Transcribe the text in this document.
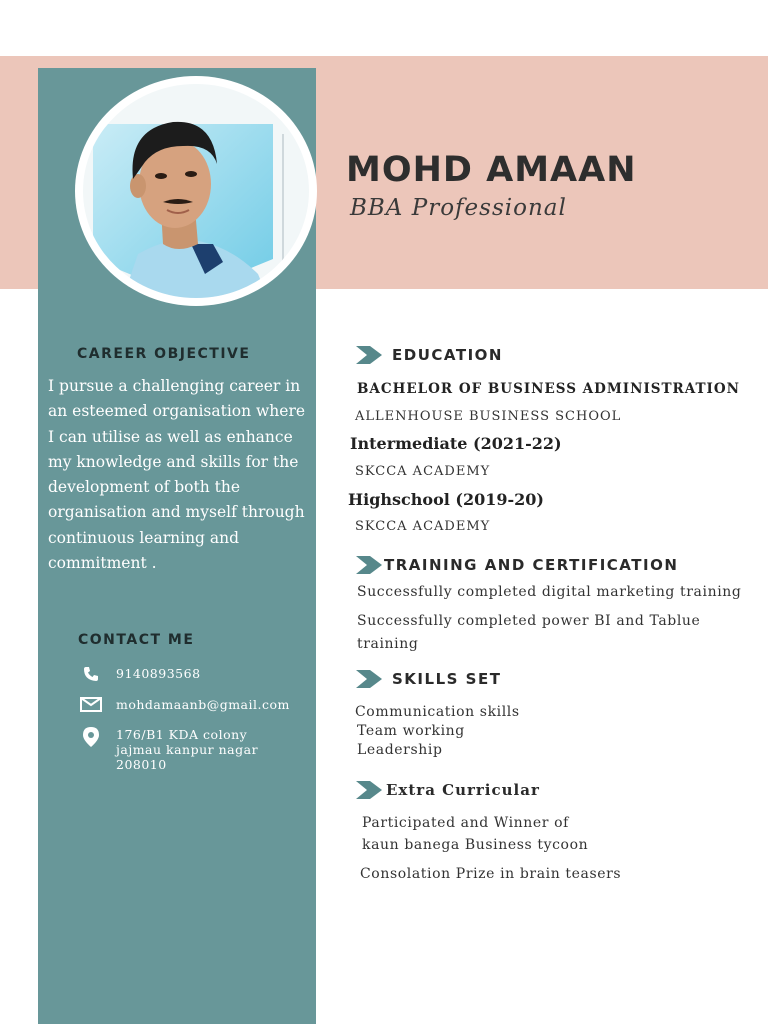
MOHD AMAAN

BBA Professional

CAREER OBJECTIVE

I pursue a challenging career in an esteemed organisation where I can utilise as well as enhance my knowledge and skills for the development of both the organisation and myself through continuous learning and commitment .

CONTACT ME
9140893568
mohdamaanb@gmail.com
176/B1 KDA colony
jajmau kanpur nagar
208010
EDUCATION

BACHELOR OF BUSINESS ADMINISTRATION

ALLENHOUSE BUSINESS SCHOOL

Intermediate (2021-22)

SKCCA ACADEMY

Highschool (2019-20)

SKCCA ACADEMY

TRAINING AND CERTIFICATION

Successfully completed digital marketing training

Successfully completed power BI and Tablue

training

SKILLS SET

Communication skills

Team working

Leadership

Extra Curricular

Participated and Winner of

kaun banega Business tycoon

Consolation Prize in brain teasers
